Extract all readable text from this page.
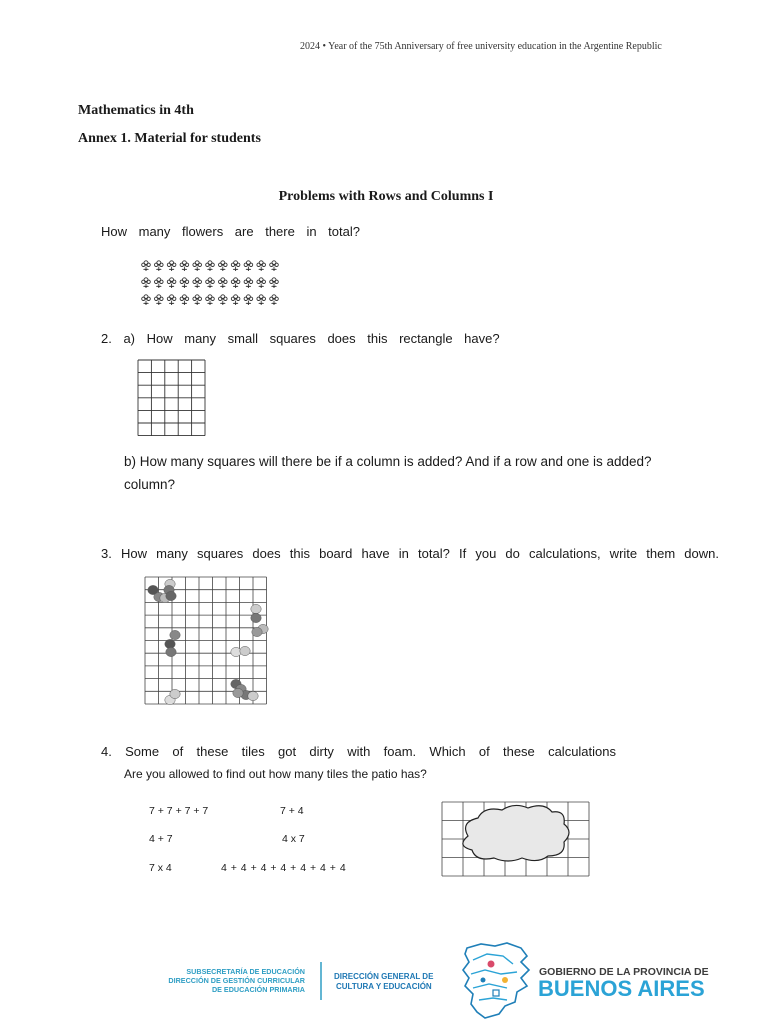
2024 • Year of the 75th Anniversary of free university education in the Argentine Republic
Mathematics in 4th
Annex 1. Material for students
Problems with Rows and Columns I
How many flowers are there in total?
2. a) How many small squares does this rectangle have?
b) How many squares will there be if a column is added? And if a row and one is added?
column?
3. How many squares does this board have in total? If you do calculations, write them down.
4. Some of these tiles got dirty with foam. Which of these calculations
Are you allowed to find out how many tiles the patio has?
7 + 7 + 7 + 7	7 + 4
4 + 7	4 x 7
7 x 4	4 + 4 + 4 + 4 + 4 + 4 + 4
SUBSECRETARÍA DE EDUCACIÓN
DIRECCIÓN DE GESTIÓN CURRICULAR
DE EDUCACIÓN PRIMARIA
DIRECCIÓN GENERAL DE
CULTURA Y EDUCACIÓN
GOBIERNO DE LA PROVINCIA DE
BUENOS AIRES
